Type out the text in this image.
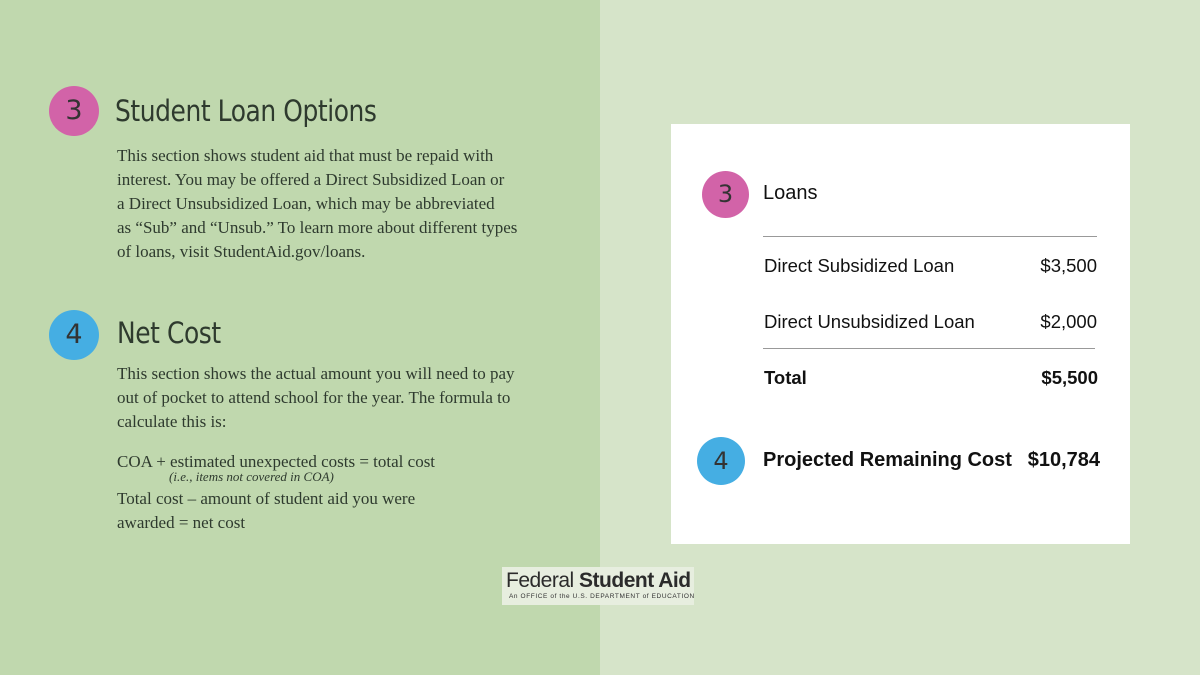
3	Student Loan Options

This section shows student aid that must be repaid with
interest. You may be offered a Direct Subsidized Loan or
a Direct Unsubsidized Loan, which may be abbreviated
as “Sub” and “Unsub.” To learn more about different types
of loans, visit StudentAid.gov/loans.

4	Net Cost

This section shows the actual amount you will need to pay
out of pocket to attend school for the year. The formula to
calculate this is:

COA + estimated unexpected costs = total cost

(i.e., items not covered in COA)

Total cost – amount of student aid you were
awarded = net cost

3	Loans
Direct Subsidized Loan	$3,500
Direct Unsubsidized Loan	$2,000
Total	$5,500
4	Projected Remaining Cost $10,784
Federal Student Aid
An OFFICE of the U.S. DEPARTMENT of EDUCATION
